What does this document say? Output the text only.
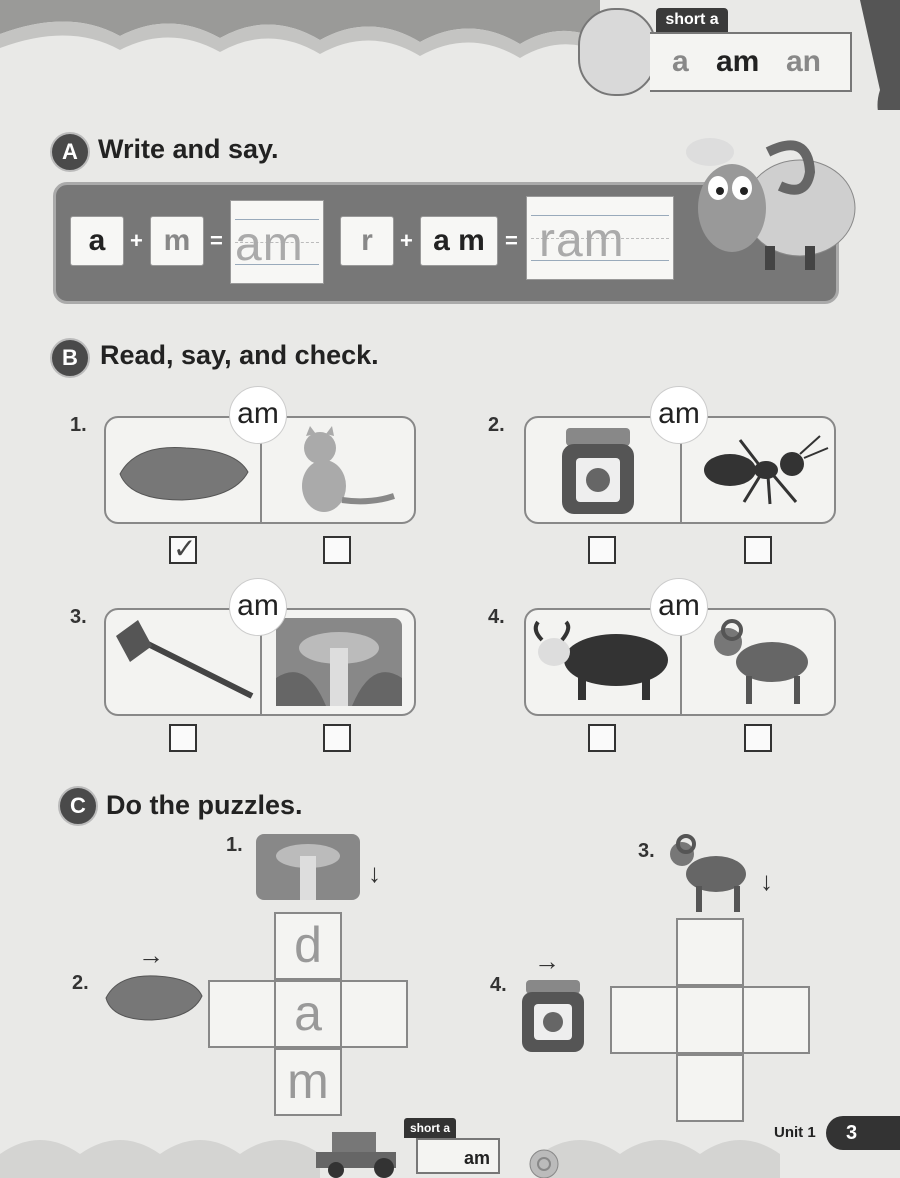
short a
a am an
A Write and say.
a	+ m = am	r	+ a m = ram
B Read, say, and check.
1.	am
✓
2.	am
3.	am	4.	am
C Do the puzzles.
1.
↓
2.
→	d
a
m
3.
↓
4.
→
short a
am
Unit 1	3
